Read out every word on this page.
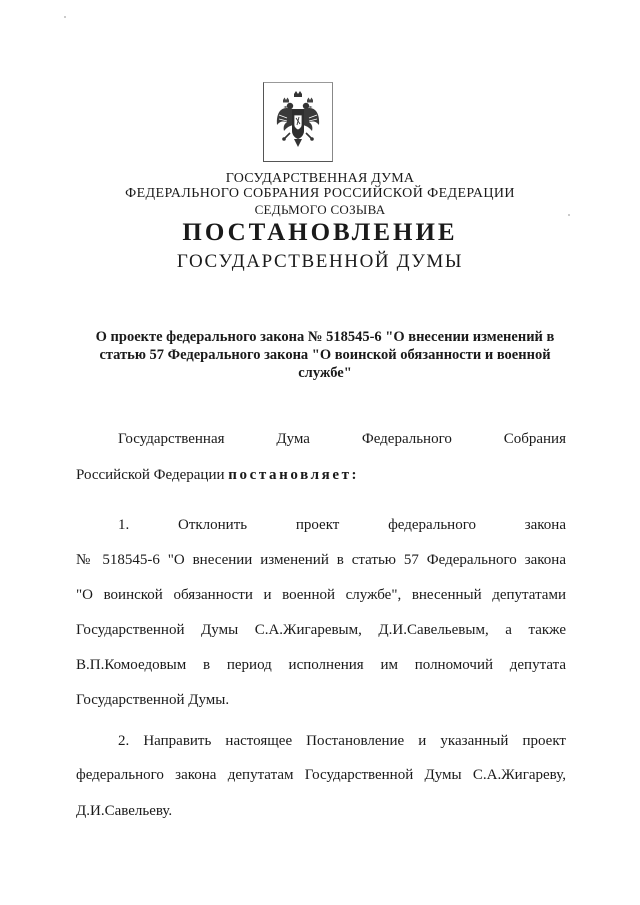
ГОСУДАРСТВЕННАЯ ДУМА
ФЕДЕРАЛЬНОГО СОБРАНИЯ РОССИЙСКОЙ ФЕДЕРАЦИИ
СЕДЬМОГО СОЗЫВА
ПОСТАНОВЛЕНИЕ
ГОСУДАРСТВЕННОЙ ДУМЫ
О проекте федерального закона № 518545-6 "О внесении изменений в статью 57 Федерального закона "О воинской обязанности и военной службе"
Государственная Дума Федерального Собрания
Российской Федерации постановляет:
1. Отклонить проект федерального закона
№ 518545-6 "О внесении изменений в статью 57 Федерального закона
"О воинской обязанности и военной службе", внесенный депутатами
Государственной Думы С.А.Жигаревым, Д.И.Савельевым, а также
В.П.Комоедовым в период исполнения им полномочий депутата
Государственной Думы.
2. Направить настоящее Постановление и указанный проект
федерального закона депутатам Государственной Думы С.А.Жигареву,
Д.И.Савельеву.
